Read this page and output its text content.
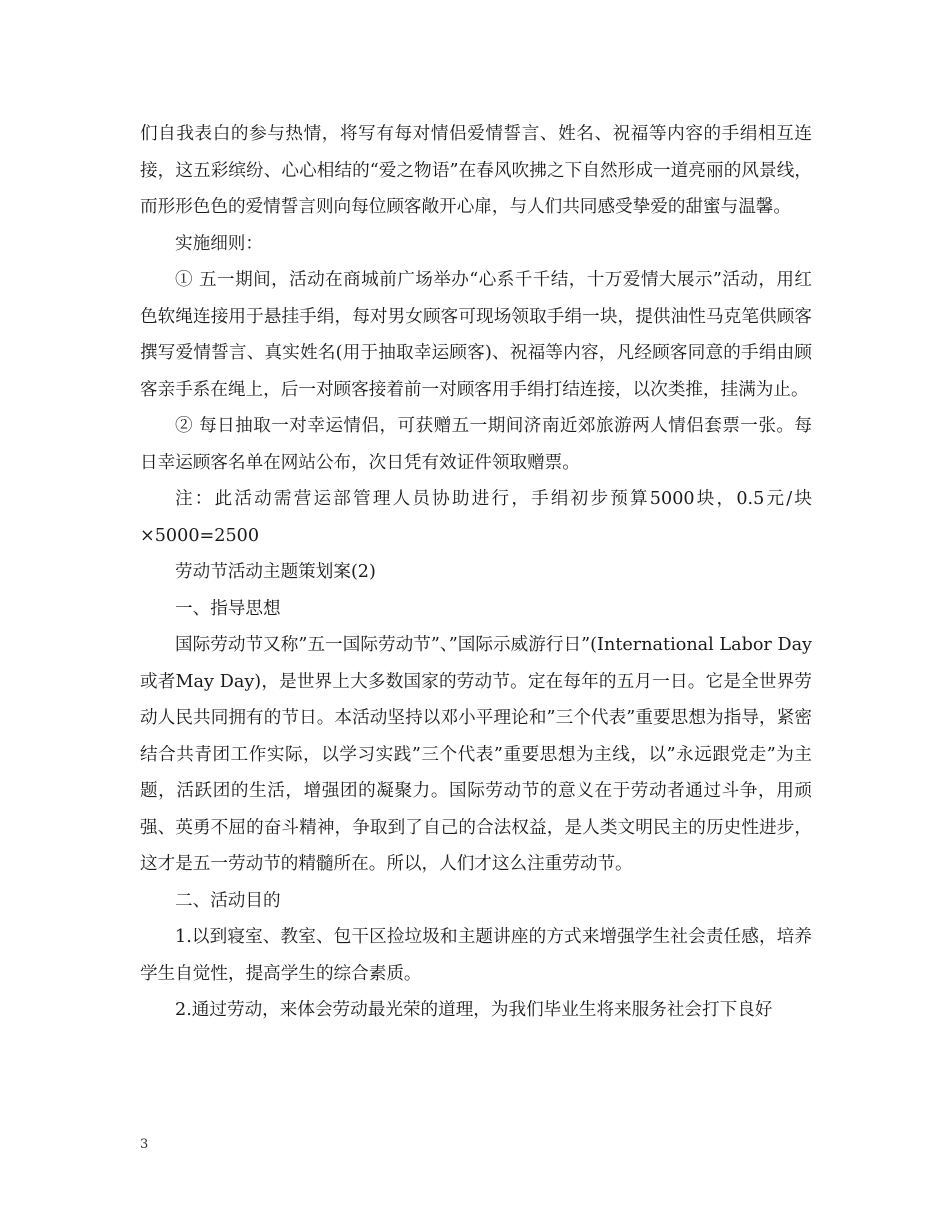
们自我表白的参与热情，将写有每对情侣爱情誓言、姓名、祝福等内容的手绢相互连接，这五彩缤纷、心心相结的“爱之物语”在春风吹拂之下自然形成一道亮丽的风景线，而形形色色的爱情誓言则向每位顾客敞开心扉，与人们共同感受挚爱的甜蜜与温馨。

实施细则：

① 五一期间，活动在商城前广场举办“心系千千结，十万爱情大展示”活动，用红色软绳连接用于悬挂手绢，每对男女顾客可现场领取手绢一块，提供油性马克笔供顾客撰写爱情誓言、真实姓名(用于抽取幸运顾客)、祝福等内容，凡经顾客同意的手绢由顾客亲手系在绳上，后一对顾客接着前一对顾客用手绢打结连接，以次类推，挂满为止。

② 每日抽取一对幸运情侣，可获赠五一期间济南近郊旅游两人情侣套票一张。每日幸运顾客名单在网站公布，次日凭有效证件领取赠票。

注：此活动需营运部管理人员协助进行，手绢初步预算5000块，0.5元/块×5000=2500

劳动节活动主题策划案(2)

一、指导思想

国际劳动节又称”五一国际劳动节”、”国际示威游行日”(International Labor Day或者May Day)，是世界上大多数国家的劳动节。定在每年的五月一日。它是全世界劳动人民共同拥有的节日。本活动坚持以邓小平理论和”三个代表”重要思想为指导，紧密结合共青团工作实际，以学习实践”三个代表”重要思想为主线，以”永远跟党走”为主题，活跃团的生活，增强团的凝聚力。国际劳动节的意义在于劳动者通过斗争，用顽强、英勇不屈的奋斗精神，争取到了自己的合法权益，是人类文明民主的历史性进步，这才是五一劳动节的精髓所在。所以，人们才这么注重劳动节。

二、活动目的

1.以到寝室、教室、包干区捡垃圾和主题讲座的方式来增强学生社会责任感，培养学生自觉性，提高学生的综合素质。

2.通过劳动，来体会劳动最光荣的道理，为我们毕业生将来服务社会打下良好

3
